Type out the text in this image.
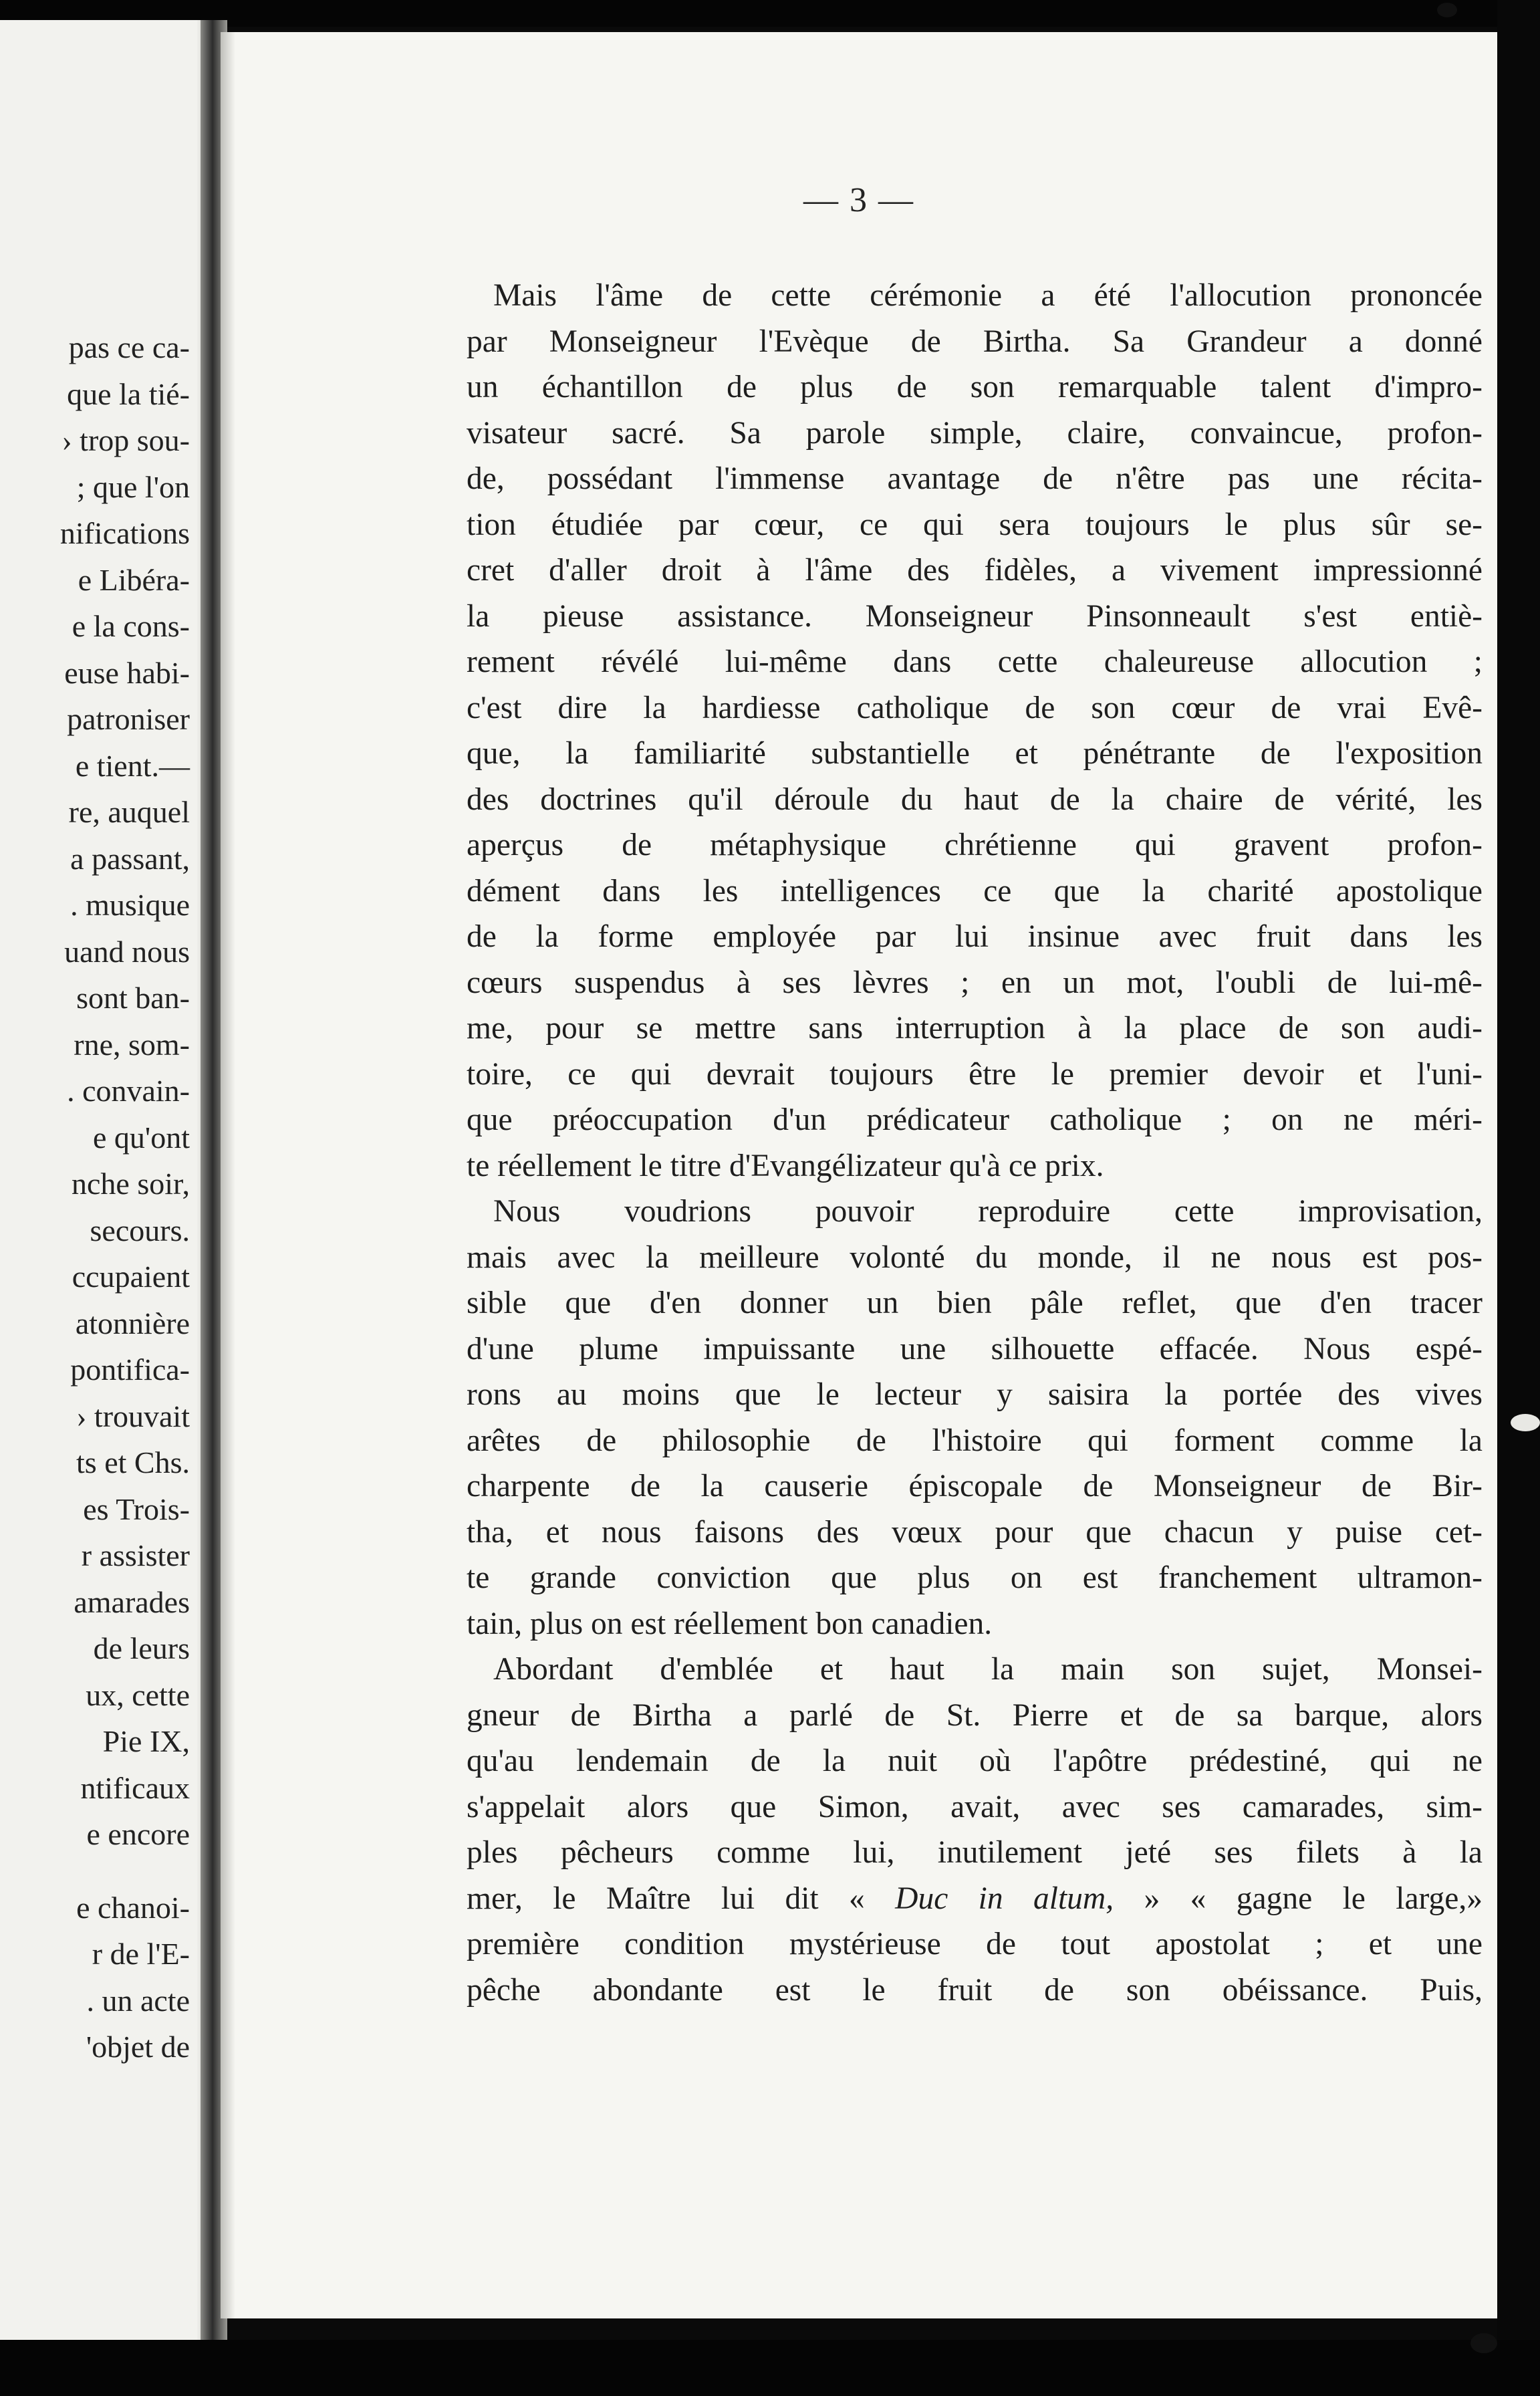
pas ce ca-
que la tié-
› trop sou-
; que l'on
nifications
e Libéra-
e la cons-
euse habi-
patroniser
e tient.—
re, auquel
a passant,
. musique
uand nous
sont ban-
rne, som-
. convain-
e qu'ont
nche soir,
secours.
ccupaient
atonnière
pontifica-
› trouvait
ts et Chs.
es Trois-
r assister
amarades
de leurs
ux, cette
Pie IX,
ntificaux
e encore
e chanoi-
r de l'E-
. un acte
'objet de
— 3 —
Mais l'âme de cette cérémonie a été l'allocution prononcée
par Monseigneur l'Evèque de Birtha. Sa Grandeur a donné
un échantillon de plus de son remarquable talent d'impro-
visateur sacré. Sa parole simple, claire, convaincue, profon-
de, possédant l'immense avantage de n'être pas une récita-
tion étudiée par cœur, ce qui sera toujours le plus sûr se-
cret d'aller droit à l'âme des fidèles, a vivement impressionné
la pieuse assistance. Monseigneur Pinsonneault s'est entiè-
rement révélé lui-même dans cette chaleureuse allocution ;
c'est dire la hardiesse catholique de son cœur de vrai Evê-
que, la familiarité substantielle et pénétrante de l'exposition
des doctrines qu'il déroule du haut de la chaire de vérité, les
aperçus de métaphysique chrétienne qui gravent profon-
dément dans les intelligences ce que la charité apostolique
de la forme employée par lui insinue avec fruit dans les
cœurs suspendus à ses lèvres ; en un mot, l'oubli de lui-mê-
me, pour se mettre sans interruption à la place de son audi-
toire, ce qui devrait toujours être le premier devoir et l'uni-
que préoccupation d'un prédicateur catholique ; on ne méri-
te réellement le titre d'Evangélizateur qu'à ce prix.
Nous voudrions pouvoir reproduire cette improvisation,
mais avec la meilleure volonté du monde, il ne nous est pos-
sible que d'en donner un bien pâle reflet, que d'en tracer
d'une plume impuissante une silhouette effacée. Nous espé-
rons au moins que le lecteur y saisira la portée des vives
arêtes de philosophie de l'histoire qui forment comme la
charpente de la causerie épiscopale de Monseigneur de Bir-
tha, et nous faisons des vœux pour que chacun y puise cet-
te grande conviction que plus on est franchement ultramon-
tain, plus on est réellement bon canadien.
Abordant d'emblée et haut la main son sujet, Monsei-
gneur de Birtha a parlé de St. Pierre et de sa barque, alors
qu'au lendemain de la nuit où l'apôtre prédestiné, qui ne
s'appelait alors que Simon, avait, avec ses camarades, sim-
ples pêcheurs comme lui, inutilement jeté ses filets à la
mer, le Maître lui dit « Duc in altum, » « gagne le large,»
première condition mystérieuse de tout apostolat ; et une
pêche abondante est le fruit de son obéissance. Puis,
